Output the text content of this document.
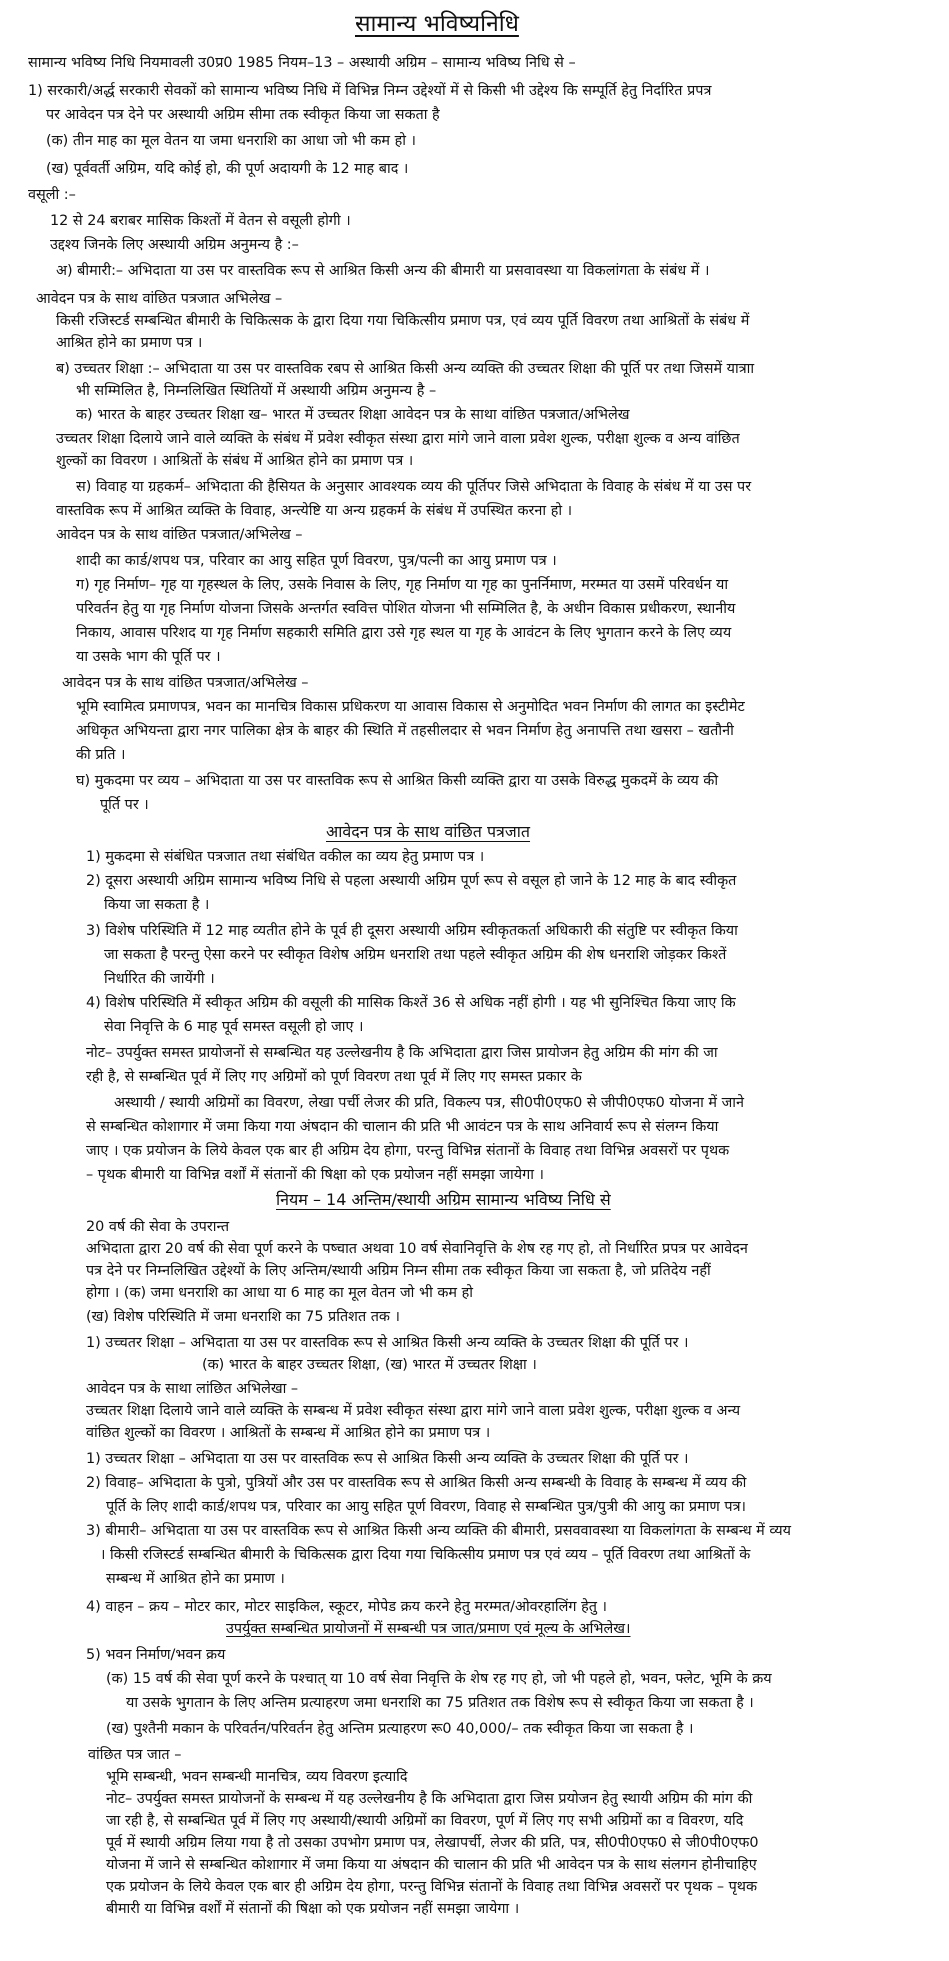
सामान्य भविष्यनिधि
सामान्य भविष्य निधि नियमावली उ0प्र0 1985 नियम–13 – अस्थायी अग्रिम – सामान्य भविष्य निधि से –
1) सरकारी/अर्द्ध सरकारी सेवकों को सामान्य भविष्य निधि में विभिन्न निम्न उद्देश्यों में से किसी भी उद्देश्य कि सम्पूर्ति हेतु निर्दारित प्रपत्र
पर आवेदन पत्र देने पर अस्थायी अग्रिम सीमा तक स्वीकृत किया जा सकता है
(क) तीन माह का मूल वेतन या जमा धनराशि का आधा जो भी कम हो ।
(ख) पूर्ववर्ती अग्रिम, यदि कोई हो, की पूर्ण अदायगी के 12 माह बाद ।
वसूली :–
12 से 24 बराबर मासिक किश्तों में वेतन से वसूली होगी ।
उद्दश्य जिनके लिए अस्थायी अग्रिम अनुमन्य है :–
अ) बीमारी:– अभिदाता या उस पर वास्तविक रूप से आश्रित किसी अन्य की बीमारी या प्रसवावस्था या विकलांगता के संबंध में ।
आवेदन पत्र के साथ वांछित पत्रजात अभिलेख –
किसी रजिस्टर्ड सम्बन्धित बीमारी के चिकित्सक के द्वारा दिया गया चिकित्सीय प्रमाण पत्र, एवं व्यय पूर्ति विवरण तथा आश्रितों के संबंध में
आश्रित होने का प्रमाण पत्र ।
ब) उच्चतर शिक्षा :– अभिदाता या उस पर वास्तविक रबप से आश्रित किसी अन्य व्यक्ति की उच्चतर शिक्षा की पूर्ति पर तथा जिसमें यात्राा
भी सम्मिलित है, निम्नलिखित स्थितियों में अस्थायी अग्रिम अनुमन्य है –
क) भारत के बाहर उच्चतर शिक्षा ख– भारत में उच्चतर शिक्षा आवेदन पत्र के साथा वांछित पत्रजात/अभिलेख
उच्चतर शिक्षा दिलाये जाने वाले व्यक्ति के संबंध में प्रवेश स्वीकृत संस्था द्वारा मांगे जाने वाला प्रवेश शुल्क, परीक्षा शुल्क व अन्य वांछित
शुल्कों का विवरण । आश्रितों के संबंध में आश्रित होने का प्रमाण पत्र ।
स) विवाह या ग्रहकर्म– अभिदाता की हैसियत के अनुसार आवश्यक व्यय की पूर्तिपर जिसे अभिदाता के विवाह के संबंध में या उस पर
वास्तविक रूप में आश्रित व्यक्ति के विवाह, अन्त्येष्टि या अन्य ग्रहकर्म के संबंध में उपस्थित करना हो ।
आवेदन पत्र के साथ वांछित पत्रजात/अभिलेख –
शादी का कार्ड/शपथ पत्र, परिवार का आयु सहित पूर्ण विवरण, पुत्र/पत्नी का आयु प्रमाण पत्र ।
ग) गृह निर्माण– गृह या गृहस्थल के लिए, उसके निवास के लिए, गृह निर्माण या गृह का पुनर्निमाण, मरम्मत या उसमें परिवर्धन या
परिवर्तन हेतु या गृह निर्माण योजना जिसके अन्तर्गत स्ववित्त पोशित योजना भी सम्मिलित है, के अधीन विकास प्रधीकरण, स्थानीय
निकाय, आवास परिशद या गृह निर्माण सहकारी समिति द्वारा उसे गृह स्थल या गृह के आवंटन के लिए भुगतान करने के लिए व्यय
या उसके भाग की पूर्ति पर ।
आवेदन पत्र के साथ वांछित पत्रजात/अभिलेख –
भूमि स्वामित्व प्रमाणपत्र, भवन का मानचित्र विकास प्रधिकरण या आवास विकास से अनुमोदित भवन निर्माण की लागत का इस्टीमेट
अधिकृत अभियन्ता द्वारा नगर पालिका क्षेत्र के बाहर की स्थिति में तहसीलदार से भवन निर्माण हेतु अनापत्ति तथा खसरा – खतौनी
की प्रति ।
घ) मुकदमा पर व्यय – अभिदाता या उस पर वास्तविक रूप से आश्रित किसी व्यक्ति द्वारा या उसके विरुद्ध मुकदमें के व्यय की
पूर्ति पर ।
आवेदन पत्र के साथ वांछित पत्रजात
1) मुकदमा से संबंधित पत्रजात तथा संबंधित वकील का व्यय हेतु प्रमाण पत्र ।
2) दूसरा अस्थायी अग्रिम सामान्य भविष्य निधि से पहला अस्थायी अग्रिम पूर्ण रूप से वसूल हो जाने के 12 माह के बाद स्वीकृत
किया जा सकता है ।
3) विशेष परिस्थिति में 12 माह व्यतीत होने के पूर्व ही दूसरा अस्थायी अग्रिम स्वीकृतकर्ता अधिकारी की संतुष्टि पर स्वीकृत किया
जा सकता है परन्तु ऐसा करने पर स्वीकृत विशेष अग्रिम धनराशि तथा पहले स्वीकृत अग्रिम की शेष धनराशि जोड़कर किश्तें
निर्धारित की जायेंगी ।
4) विशेष परिस्थिति में स्वीकृत अग्रिम की वसूली की मासिक किश्तें 36 से अधिक नहीं होगी । यह भी सुनिश्चित किया जाए कि
सेवा निवृत्ति के 6 माह पूर्व समस्त वसूली हो जाए ।
नोट– उपर्युक्त समस्त प्रायोजनों से सम्बन्धित यह उल्लेखनीय है कि अभिदाता द्वारा जिस प्रायोजन हेतु अग्रिम की मांग की जा
रही है, से सम्बन्धित पूर्व में लिए गए अग्रिमों को पूर्ण विवरण तथा पूर्व में लिए गए समस्त प्रकार के
अस्थायी / स्थायी अग्रिमों का विवरण, लेखा पर्ची लेजर की प्रति, विकल्प पत्र, सी0पी0एफ0 से जीपी0एफ0 योजना में जाने
से सम्बन्धित कोशागार में जमा किया गया अंषदान की चालान की प्रति भी आवंटन पत्र के साथ अनिवार्य रूप से संलग्न किया
जाए । एक प्रयोजन के लिये केवल एक बार ही अग्रिम देय होगा, परन्तु विभिन्न संतानों के विवाह तथा विभिन्न अवसरों पर पृथक
– पृथक बीमारी या विभिन्न वर्शों में संतानों की षिक्षा को एक प्रयोजन नहीं समझा जायेगा ।
नियम – 14 अन्तिम/स्थायी अग्रिम सामान्य भविष्य निधि से
20 वर्ष की सेवा के उपरान्त
अभिदाता द्वारा 20 वर्ष की सेवा पूर्ण करने के पष्चात अथवा 10 वर्ष सेवानिवृत्ति के शेष रह गए हो, तो निर्धारित प्रपत्र पर आवेदन
पत्र देने पर निम्नलिखित उद्देश्यों के लिए अन्तिम/स्थायी अग्रिम निम्न सीमा तक स्वीकृत किया जा सकता है, जो प्रतिदेय नहीं
होगा । (क) जमा धनराशि का आधा या 6 माह का मूल वेतन जो भी कम हो
(ख) विशेष परिस्थिति में जमा धनराशि का 75 प्रतिशत तक ।
1) उच्चतर शिक्षा – अभिदाता या उस पर वास्तविक रूप से आश्रित किसी अन्य व्यक्ति के उच्चतर शिक्षा की पूर्ति पर ।
(क) भारत के बाहर उच्चतर शिक्षा, (ख) भारत में उच्चतर शिक्षा ।
आवेदन पत्र के साथा लांछित अभिलेखा –
उच्चतर शिक्षा दिलाये जाने वाले व्यक्ति के सम्बन्ध में प्रवेश स्वीकृत संस्था द्वारा मांगे जाने वाला प्रवेश शुल्क, परीक्षा शुल्क व अन्य
वांछित शुल्कों का विवरण । आश्रितों के सम्बन्ध में आश्रित होने का प्रमाण पत्र ।
1) उच्चतर शिक्षा – अभिदाता या उस पर वास्तविक रूप से आश्रित किसी अन्य व्यक्ति के उच्चतर शिक्षा की पूर्ति पर ।
2) विवाह– अभिदाता के पुत्रो, पुत्रियों और उस पर वास्तविक रूप से आश्रित किसी अन्य सम्बन्धी के विवाह के सम्बन्ध में व्यय की
पूर्ति के लिए शादी कार्ड/शपथ पत्र, परिवार का आयु सहित पूर्ण विवरण, विवाह से सम्बन्धित पुत्र/पुत्री की आयु का प्रमाण पत्र।
3) बीमारी– अभिदाता या उस पर वास्तविक रूप से आश्रित किसी अन्य व्यक्ति की बीमारी, प्रसववावस्था या विकलांगता के सम्बन्ध में व्यय
। किसी रजिस्टर्ड सम्बन्धित बीमारी के चिकित्सक द्वारा दिया गया चिकित्सीय प्रमाण पत्र एवं व्यय – पूर्ति विवरण तथा आश्रितों के
सम्बन्ध में आश्रित होने का प्रमाण ।
4) वाहन – क्रय – मोटर कार, मोटर साइकिल, स्कूटर, मोपेड क्रय करने हेतु मरम्मत/ओवरहालिंग हेतु ।
उपर्युक्त सम्बन्धित प्रायोजनों में सम्बन्धी पत्र जात/प्रमाण एवं मूल्य के अभिलेख।
5) भवन निर्माण/भवन क्रय
(क) 15 वर्ष की सेवा पूर्ण करने के पश्चात् या 10 वर्ष सेवा निवृत्ति के शेष रह गए हो, जो भी पहले हो, भवन, फ्लेट, भूमि के क्रय
या उसके भुगतान के लिए अन्तिम प्रत्याहरण जमा धनराशि का 75 प्रतिशत तक विशेष रूप से स्वीकृत किया जा सकता है ।
(ख) पुश्तैनी मकान के परिवर्तन/परिवर्तन हेतु अन्तिम प्रत्याहरण रू0 40,000/– तक स्वीकृत किया जा सकता है ।
वांछित पत्र जात –
भूमि सम्बन्धी, भवन सम्बन्धी मानचित्र, व्यय विवरण इत्यादि
नोट– उपर्युक्त समस्त प्रायोजनों के सम्बन्ध में यह उल्लेखनीय है कि अभिदाता द्वारा जिस प्रयोजन हेतु स्थायी अग्रिम की मांग की
जा रही है, से सम्बन्धित पूर्व में लिए गए अस्थायी/स्थायी अग्रिमों का विवरण, पूर्ण में लिए गए सभी अग्रिमों का व विवरण, यदि
पूर्व में स्थायी अग्रिम लिया गया है तो उसका उपभोग प्रमाण पत्र, लेखापर्ची, लेजर की प्रति, पत्र, सी0पी0एफ0 से जी0पी0एफ0
योजना में जाने से सम्बन्धित कोशागार में जमा किया या अंषदान की चालान की प्रति भी आवेदन पत्र के साथ संलगन होनीचाहिए
एक प्रयोजन के लिये केवल एक बार ही अग्रिम देय होगा, परन्तु विभिन्न संतानों के विवाह तथा विभिन्न अवसरों पर पृथक – पृथक
बीमारी या विभिन्न वर्शों में संतानों की षिक्षा को एक प्रयोजन नहीं समझा जायेगा ।
